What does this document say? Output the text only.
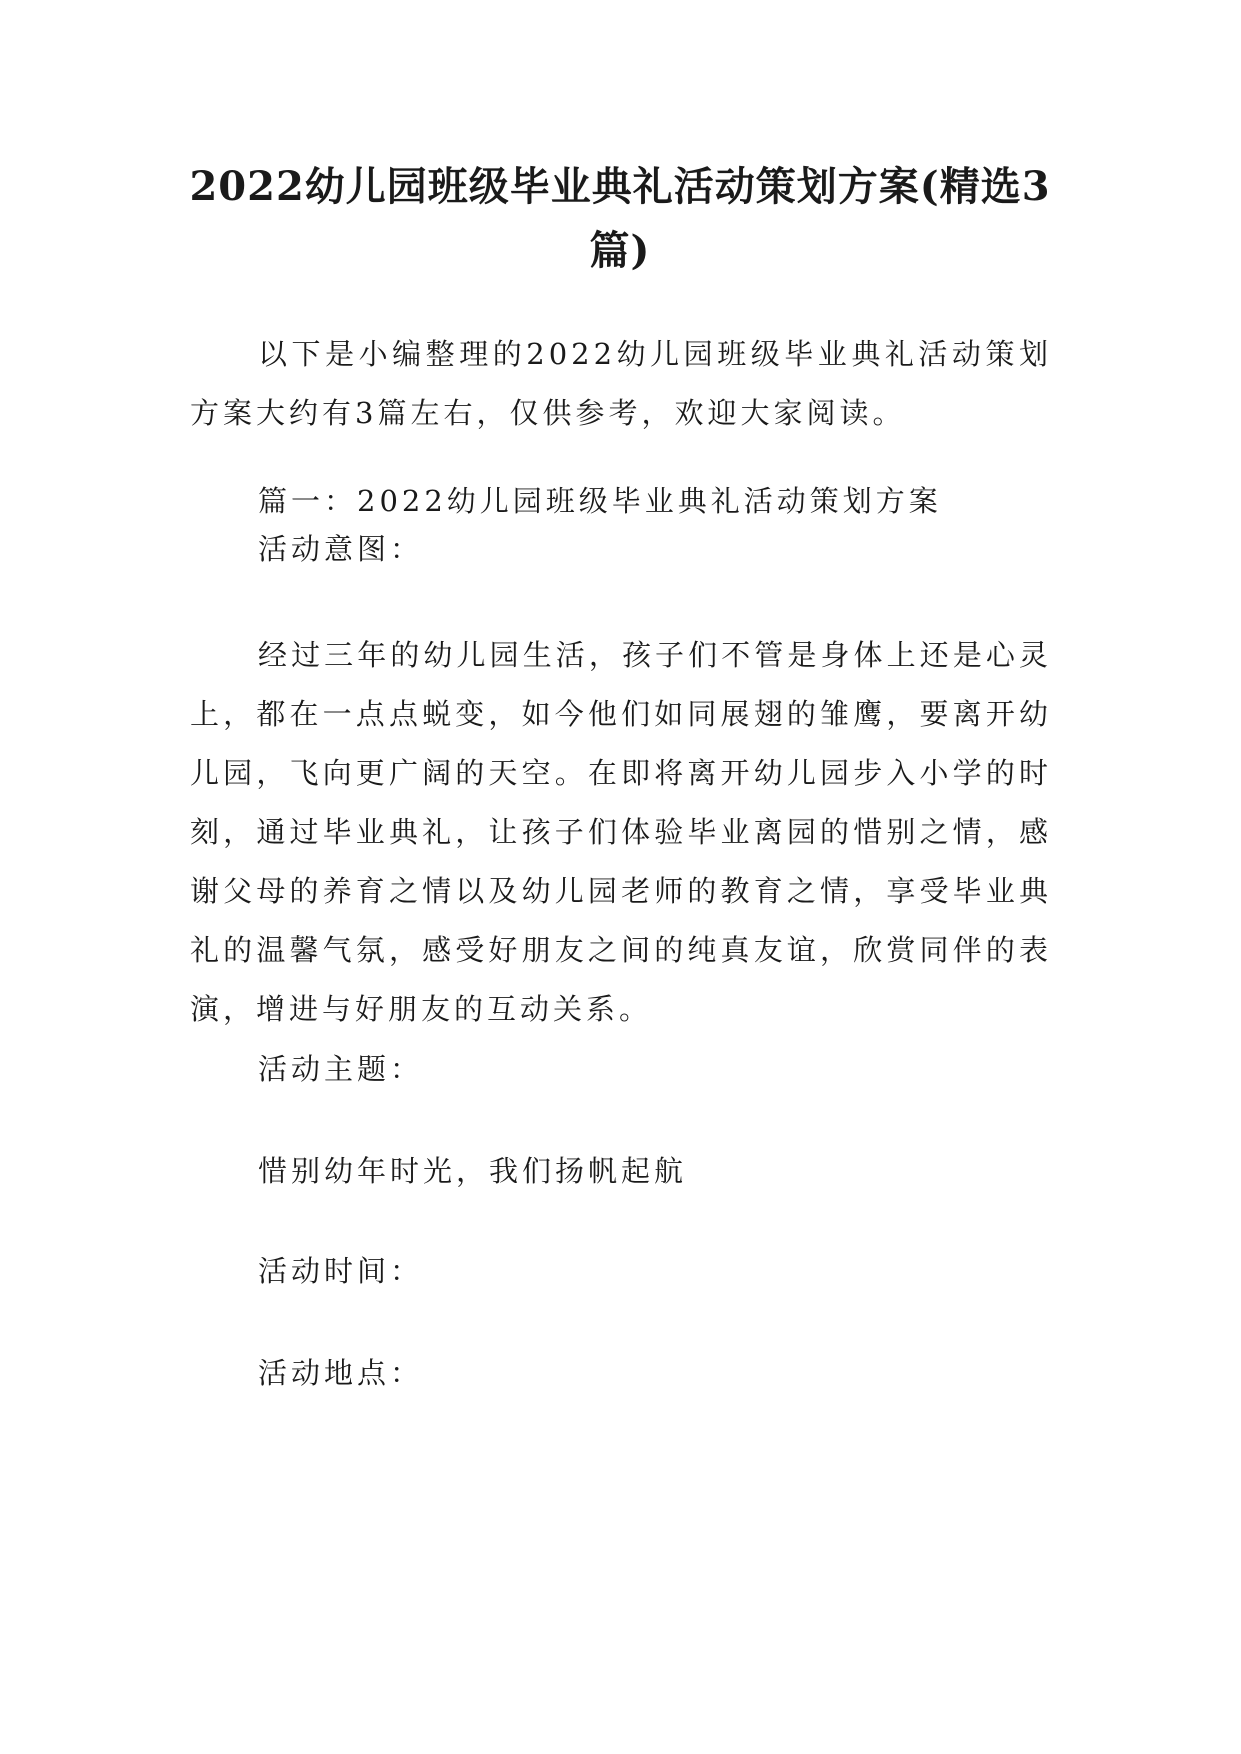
2022幼儿园班级毕业典礼活动策划方案(精选3篇)

以下是小编整理的2022幼儿园班级毕业典礼活动策划方案大约有3篇左右，仅供参考，欢迎大家阅读。

篇一：2022幼儿园班级毕业典礼活动策划方案

活动意图：

经过三年的幼儿园生活，孩子们不管是身体上还是心灵上，都在一点点蜕变，如今他们如同展翅的雏鹰，要离开幼儿园，飞向更广阔的天空。在即将离开幼儿园步入小学的时刻，通过毕业典礼，让孩子们体验毕业离园的惜别之情，感谢父母的养育之情以及幼儿园老师的教育之情，享受毕业典礼的温馨气氛，感受好朋友之间的纯真友谊，欣赏同伴的表演，增进与好朋友的互动关系。

活动主题：

惜别幼年时光，我们扬帆起航

活动时间：

活动地点：
